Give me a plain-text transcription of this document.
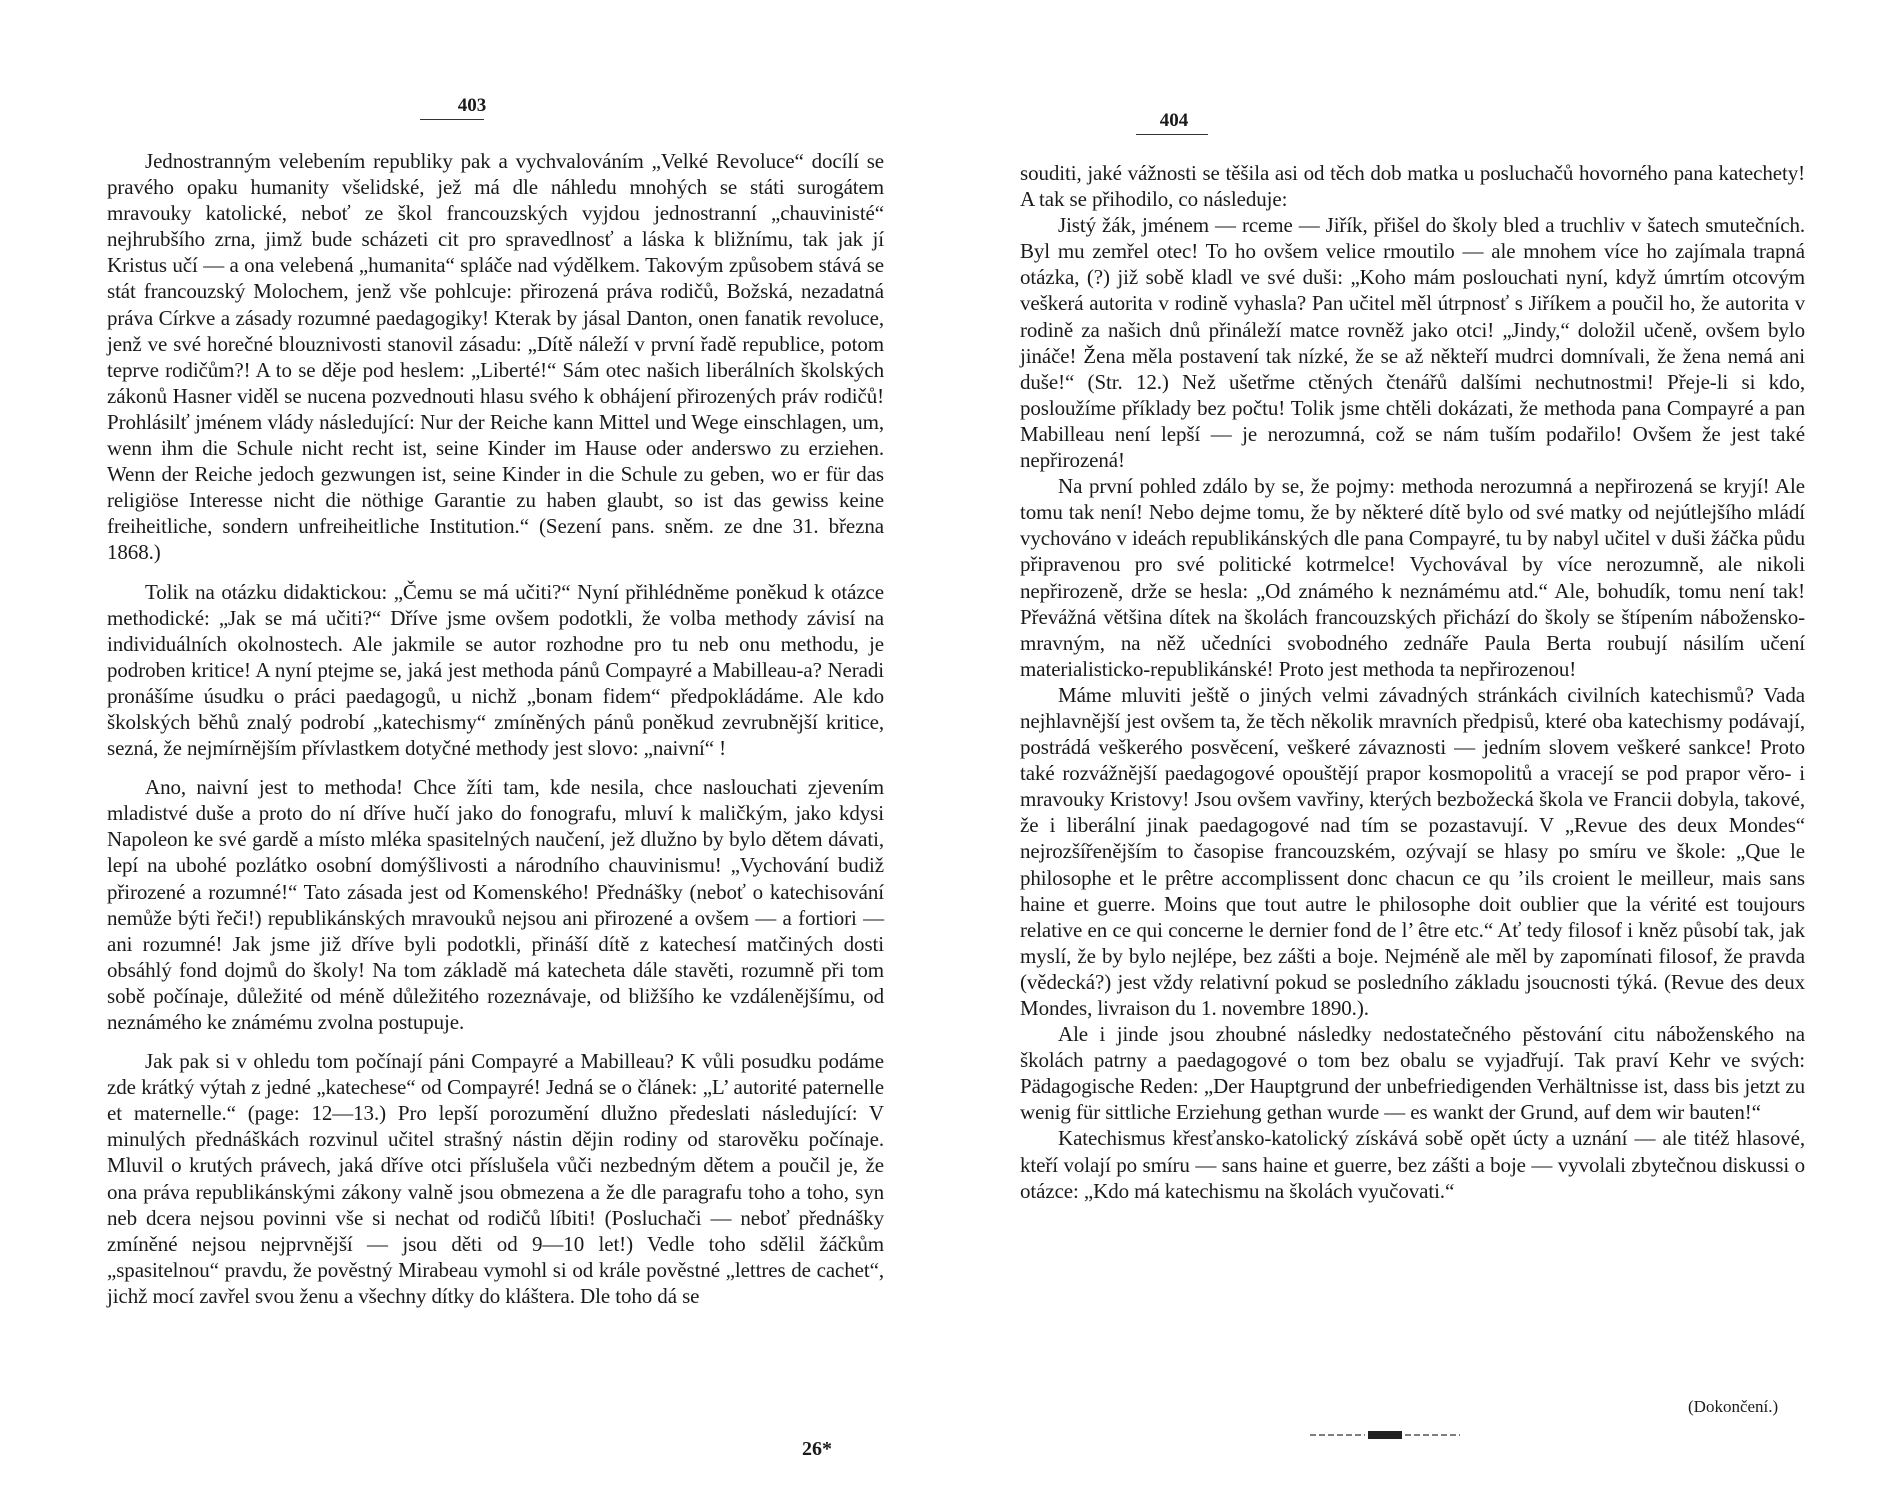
403

Jednostranným velebením republiky pak a vychvalováním „Velké Revoluce“ docílí se pravého opaku humanity všelidské, jež má dle náhledu mnohých se státi surogátem mravouky katolické, neboť ze škol francouzských vyjdou jednostranní „chauvinisté“ nejhrubšího zrna, jimž bude scházeti cit pro spravedlnosť a láska k bližnímu, tak jak jí Kristus učí — a ona velebená „humanita“ spláče nad výdělkem. Takovým způsobem stává se stát francouzský Molochem, jenž vše pohlcuje: přirozená práva rodičů, Božská, nezadatná práva Církve a zásady rozumné paedagogiky! Kterak by jásal Danton, onen fanatik revoluce, jenž ve své horečné blouznivosti stanovil zásadu: „Dítě náleží v první řadě republice, potom teprve rodičům?! A to se děje pod heslem: „Liberté!“ Sám otec našich liberálních školských zákonů Hasner viděl se nucena pozvednouti hlasu svého k obhájení přirozených práv rodičů! Prohlásilť jménem vlády následující: Nur der Reiche kann Mittel und Wege einschlagen, um, wenn ihm die Schule nicht recht ist, seine Kinder im Hause oder anderswo zu erziehen. Wenn der Reiche jedoch gezwungen ist, seine Kinder in die Schule zu geben, wo er für das religiöse Interesse nicht die nöthige Garantie zu haben glaubt, so ist das gewiss keine freiheitliche, sondern unfreiheitliche Institution.“ (Sezení pans. sněm. ze dne 31. března 1868.)

Tolik na otázku didaktickou: „Čemu se má učiti?“ Nyní přihlédněme poněkud k otázce methodické: „Jak se má učiti?“ Dříve jsme ovšem podotkli, že volba methody závisí na individuálních okolnostech. Ale jakmile se autor rozhodne pro tu neb onu methodu, je podroben kritice! A nyní ptejme se, jaká jest methoda pánů Compayré a Mabilleau-a? Neradi pronášíme úsudku o práci paedagogů, u nichž „bonam fidem“ předpokládáme. Ale kdo školských běhů znalý podrobí „katechismy“ zmíněných pánů poněkud zevrubnější kritice, sezná, že nejmírnějším přívlastkem dotyčné methody jest slovo: „naivní“ !

Ano, naivní jest to methoda! Chce žíti tam, kde nesila, chce naslouchati zjevením mladistvé duše a proto do ní dříve hučí jako do fonografu, mluví k maličkým, jako kdysi Napoleon ke své gardě a místo mléka spasitelných naučení, jež dlužno by bylo dětem dávati, lepí na ubohé pozlátko osobní domýšlivosti a národního chauvinismu! „Vychování budiž přirozené a rozumné!“ Tato zásada jest od Komenského! Přednášky (neboť o katechisování nemůže býti řeči!) republikánských mravouků nejsou ani přirozené a ovšem — a fortiori — ani rozumné! Jak jsme již dříve byli podotkli, přináší dítě z katechesí matčiných dosti obsáhlý fond dojmů do školy! Na tom základě má katecheta dále stavěti, rozumně při tom sobě počínaje, důležité od méně důležitého rozeznávaje, od bližšího ke vzdálenějšímu, od neznámého ke známému zvolna postupuje.

Jak pak si v ohledu tom počínají páni Compayré a Mabilleau? K vůli posudku podáme zde krátký výtah z jedné „katechese“ od Compayré! Jedná se o článek: „L’ autorité paternelle et maternelle.“ (page: 12—13.) Pro lepší porozumění dlužno předeslati následující: V minulých přednáškách rozvinul učitel strašný nástin dějin rodiny od starověku počínaje. Mluvil o krutých právech, jaká dříve otci příslušela vůči nezbedným dětem a poučil je, že ona práva republikánskými zákony valně jsou obmezena a že dle paragrafu toho a toho, syn neb dcera nejsou povinni vše si nechat od rodičů líbiti! (Posluchači — neboť přednášky zmíněné nejsou nejprvnější — jsou děti od 9—10 let!) Vedle toho sdělil žáčkům „spasitelnou“ pravdu, že pověstný Mirabeau vymohl si od krále pověstné „lettres de cachet“, jichž mocí zavřel svou ženu a všechny dítky do kláštera. Dle toho dá se

26*
404

souditi, jaké vážnosti se těšila asi od těch dob matka u posluchačů hovorného pana katechety! A tak se přihodilo, co následuje:

Jistý žák, jménem — rceme — Jiřík, přišel do školy bled a truchliv v šatech smutečních. Byl mu zemřel otec! To ho ovšem velice rmoutilo — ale mnohem více ho zajímala trapná otázka, (?) již sobě kladl ve své duši: „Koho mám poslouchati nyní, když úmrtím otcovým veškerá autorita v rodině vyhasla? Pan učitel měl útrpnosť s Jiříkem a poučil ho, že autorita v rodině za našich dnů přináleží matce rovněž jako otci! „Jindy,“ doložil učeně, ovšem bylo jináče! Žena měla postavení tak nízké, že se až někteří mudrci domnívali, že žena nemá ani duše!“ (Str. 12.) Než ušetřme ctěných čtenářů dalšími nechutnostmi! Přeje-li si kdo, posloužíme příklady bez počtu! Tolik jsme chtěli dokázati, že methoda pana Compayré a pan Mabilleau není lepší — je nerozumná, což se nám tuším podařilo! Ovšem že jest také nepřirozená!

Na první pohled zdálo by se, že pojmy: methoda nerozumná a nepřirozená se kryjí! Ale tomu tak není! Nebo dejme tomu, že by některé dítě bylo od své matky od nejútlejšího mládí vychováno v ideách republikánských dle pana Compayré, tu by nabyl učitel v duši žáčka půdu připravenou pro své politické kotrmelce! Vychovával by více nerozumně, ale nikoli nepřirozeně, drže se hesla: „Od známého k neznámému atd.“ Ale, bohudík, tomu není tak! Převážná většina dítek na školách francouzských přichází do školy se štípením nábožensko-mravným, na něž učedníci svobodného zednáře Paula Berta roubují násilím učení materialisticko-republikánské! Proto jest methoda ta nepřirozenou!

Máme mluviti ještě o jiných velmi závadných stránkách civilních katechismů? Vada nejhlavnější jest ovšem ta, že těch několik mravních předpisů, které oba katechismy podávají, postrádá veškerého posvěcení, veškeré závaznosti — jedním slovem veškeré sankce! Proto také rozvážnější paedagogové opouštějí prapor kosmopolitů a vracejí se pod prapor věro- i mravouky Kristovy! Jsou ovšem vavřiny, kterých bezbožecká škola ve Francii dobyla, takové, že i liberální jinak paedagogové nad tím se pozastavují. V „Revue des deux Mondes“ nejrozšířenějším to časopise francouzském, ozývají se hlasy po smíru ve škole: „Que le philosophe et le prêtre accomplissent donc chacun ce qu ’ils croient le meilleur, mais sans haine et guerre. Moins que tout autre le philosophe doit oublier que la vérité est toujours relative en ce qui concerne le dernier fond de l’ être etc.“ Ať tedy filosof i kněz působí tak, jak myslí, že by bylo nejlépe, bez zášti a boje. Nejméně ale měl by zapomínati filosof, že pravda (vědecká?) jest vždy relativní pokud se posledního základu jsoucnosti týká. (Revue des deux Mondes, livraison du 1. novembre 1890.).

Ale i jinde jsou zhoubné následky nedostatečného pěstování citu náboženského na školách patrny a paedagogové o tom bez obalu se vyjadřují. Tak praví Kehr ve svých: Pädagogische Reden: „Der Hauptgrund der unbefriedigenden Verhältnisse ist, dass bis jetzt zu wenig für sittliche Erziehung gethan wurde — es wankt der Grund, auf dem wir bauten!“

Katechismus křesťansko-katolický získává sobě opět úcty a uznání — ale titéž hlasové, kteří volají po smíru — sans haine et guerre, bez zášti a boje — vyvolali zbytečnou diskussi o otázce: „Kdo má katechismu na školách vyučovati.“

(Dokončení.)
